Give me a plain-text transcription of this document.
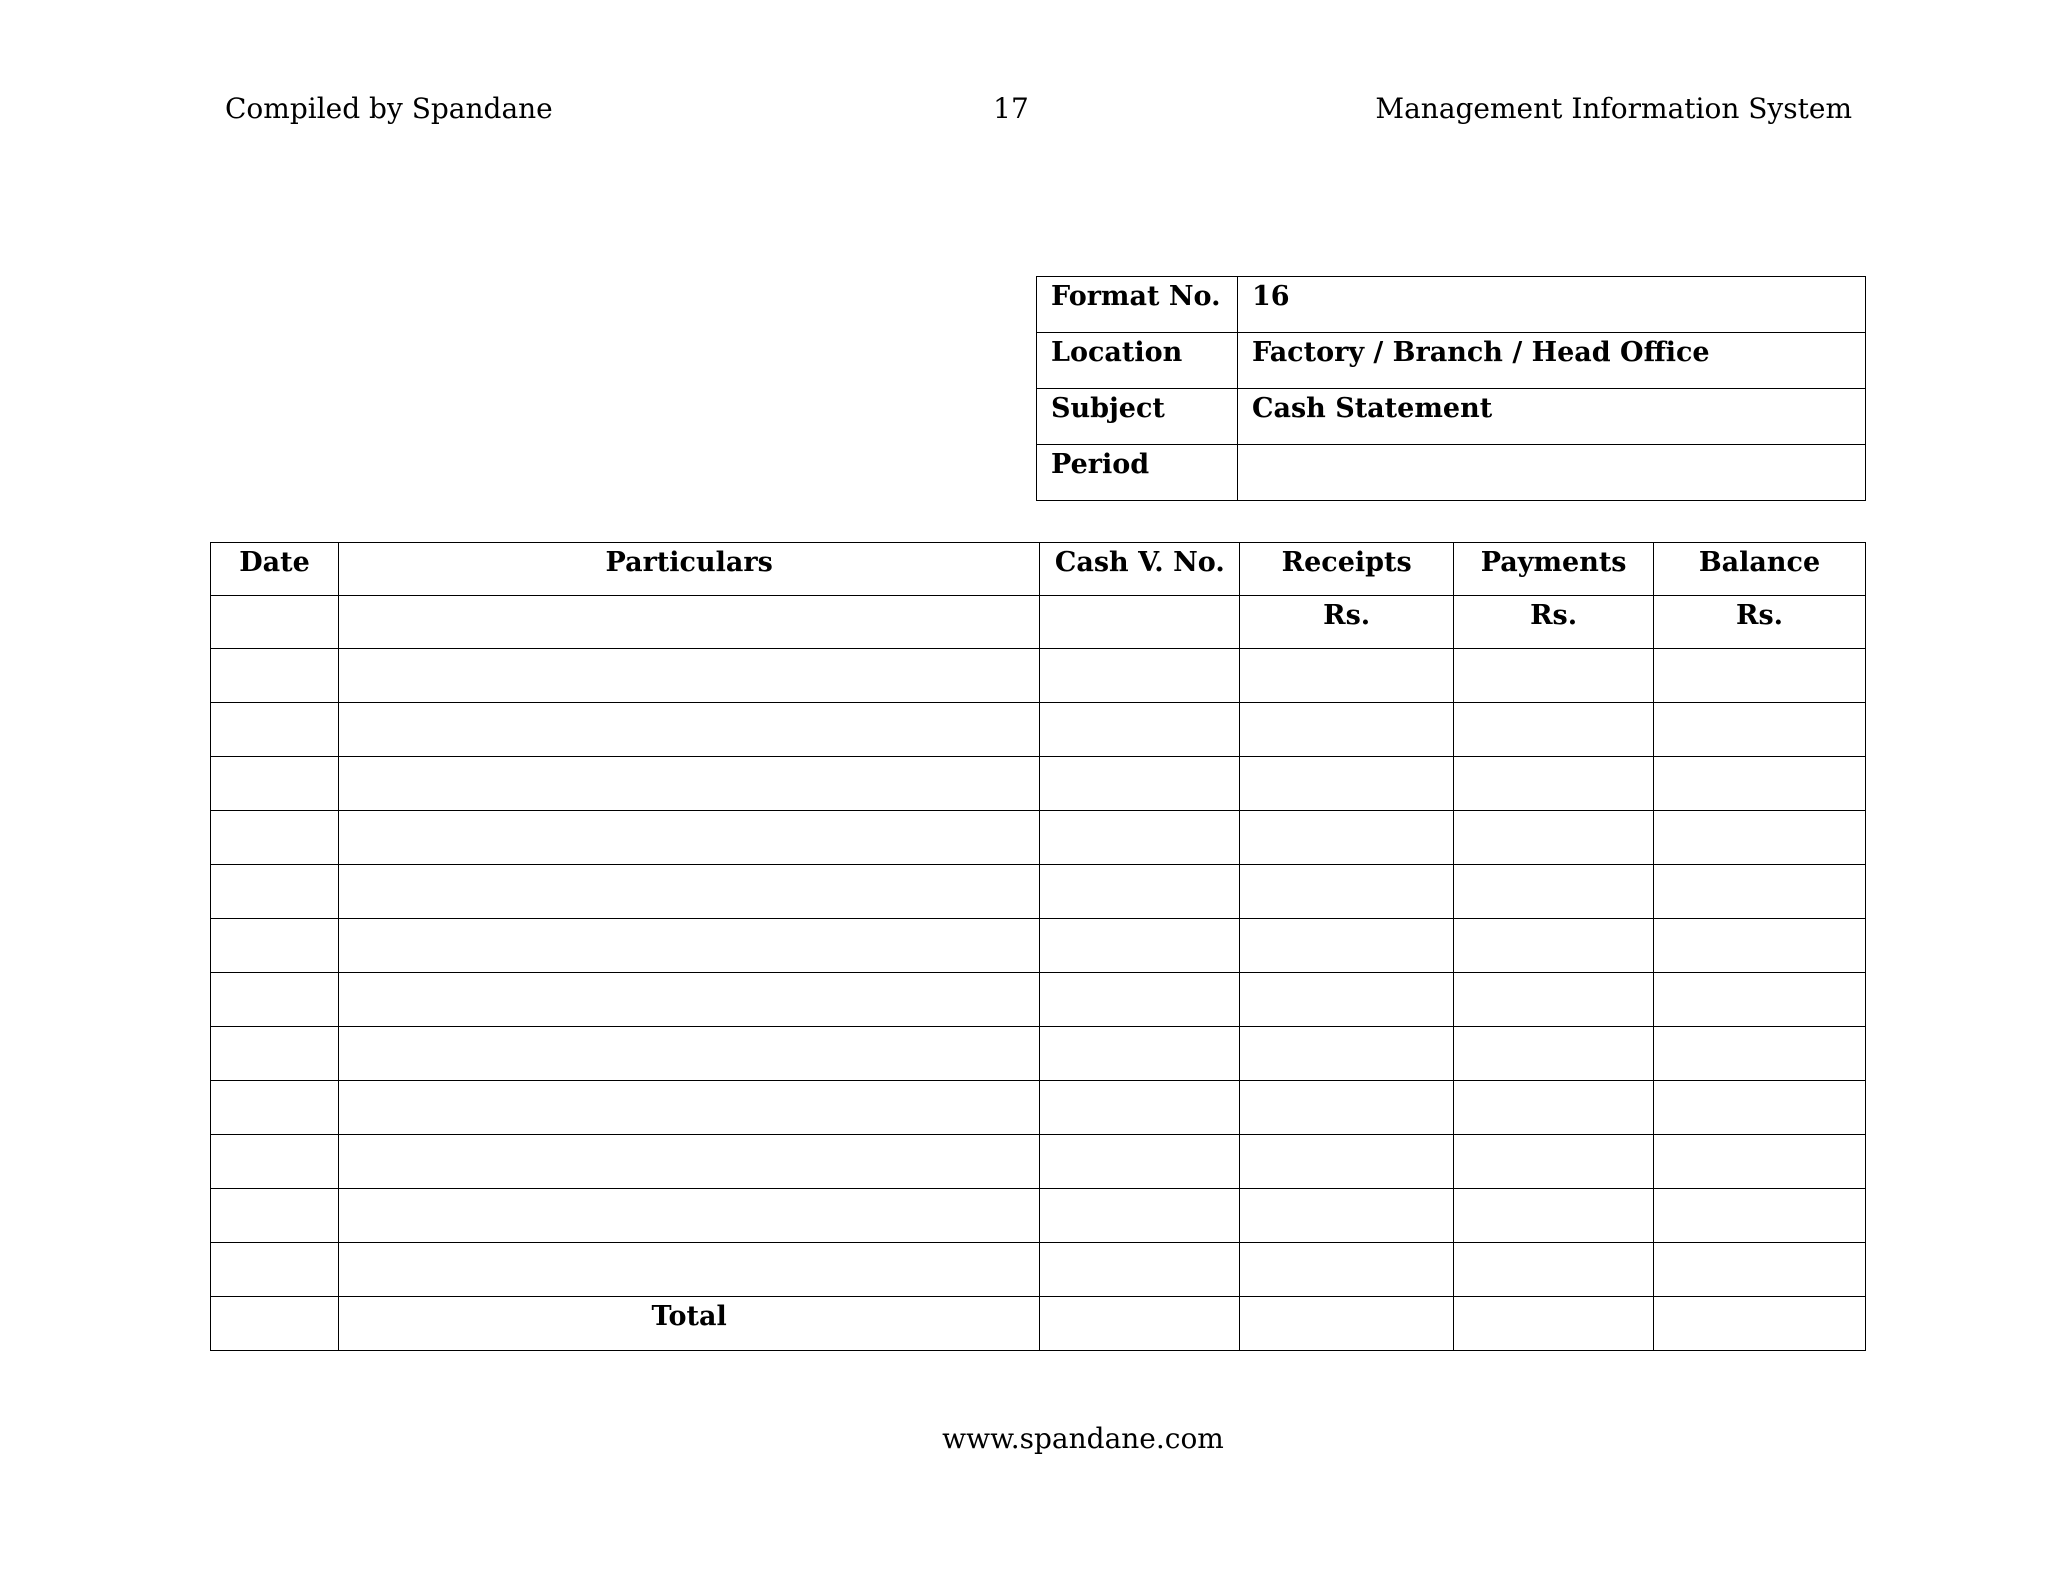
Compiled by Spandane	17	Management Information System
Format No.	16
Location	Factory / Branch / Head Office
Subject	Cash Statement
Period	
Date	Particulars	Cash V. No.	Receipts	Payments	Balance
			Rs.	Rs.	Rs.

	Total				
www.spandane.com
